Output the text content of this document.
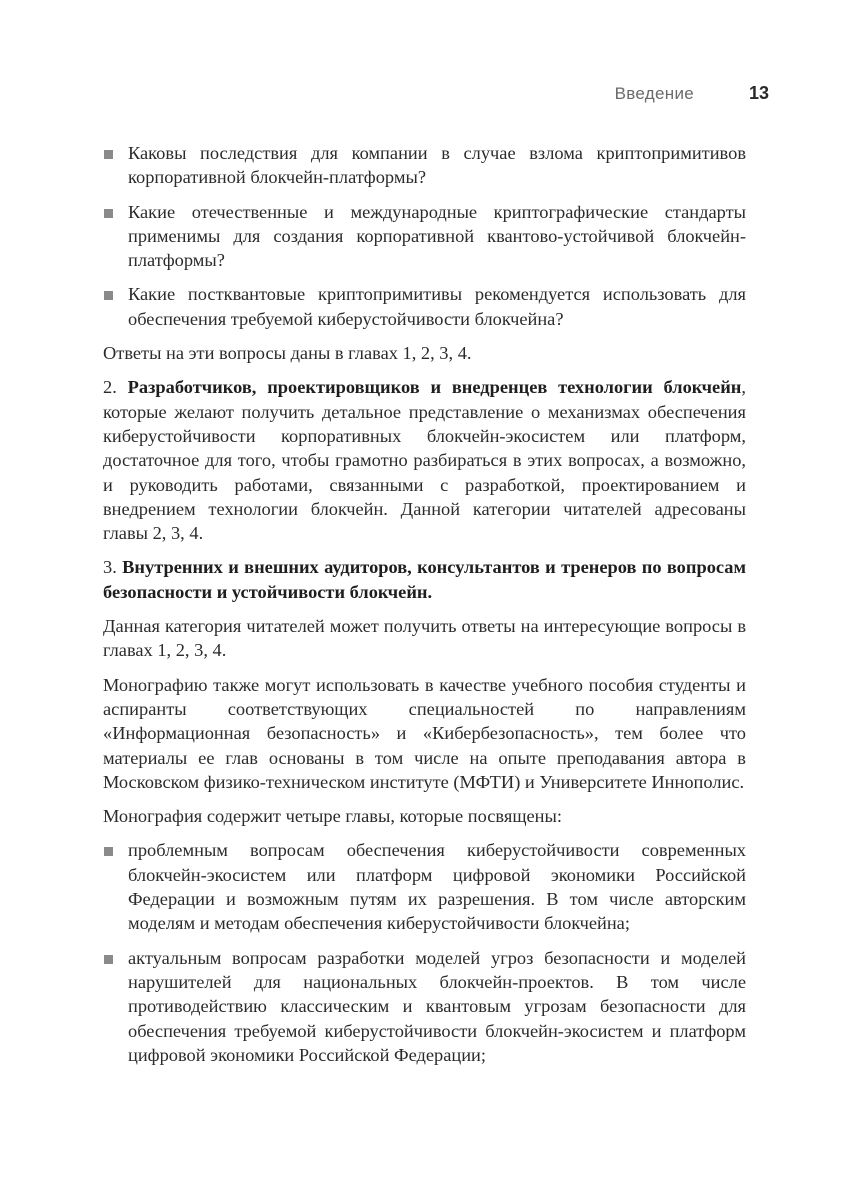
Введение	13
Каковы последствия для компании в случае взлома криптопримитивов корпоративной блокчейн-платформы?
Какие отечественные и международные криптографические стандарты применимы для создания корпоративной квантово-устойчивой блокчейн-платформы?
Какие постквантовые криптопримитивы рекомендуется использовать для обеспечения требуемой киберустойчивости блокчейна?

Ответы на эти вопросы даны в главах 1, 2, 3, 4.

2. Разработчиков, проектировщиков и внедренцев технологии блокчейн, которые желают получить детальное представление о механизмах обеспечения киберустойчивости корпоративных блокчейн-экосистем или платформ, достаточное для того, чтобы грамотно разбираться в этих вопросах, а возможно, и руководить работами, связанными с разработкой, проектированием и внедрением технологии блокчейн. Данной категории читателей адресованы главы 2, 3, 4.

3. Внутренних и внешних аудиторов, консультантов и тренеров по вопросам безопасности и устойчивости блокчейн.

Данная категория читателей может получить ответы на интересующие вопросы в главах 1, 2, 3, 4.

Монографию также могут использовать в качестве учебного пособия студенты и аспиранты соответствующих специальностей по направлениям «Информационная безопасность» и «Кибербезопасность», тем более что материалы ее глав основаны в том числе на опыте преподавания автора в Московском физико-техническом институте (МФТИ) и Университете Иннополис.

Монография содержит четыре главы, которые посвящены:

проблемным вопросам обеспечения киберустойчивости современных блокчейн-экосистем или платформ цифровой экономики Российской Федерации и возможным путям их разрешения. В том числе авторским моделям и методам обеспечения киберустойчивости блокчейна;
актуальным вопросам разработки моделей угроз безопасности и моделей нарушителей для национальных блокчейн-проектов. В том числе противодействию классическим и квантовым угрозам безопасности для обеспечения требуемой киберустойчивости блокчейн-экосистем и платформ цифровой экономики Российской Федерации;
